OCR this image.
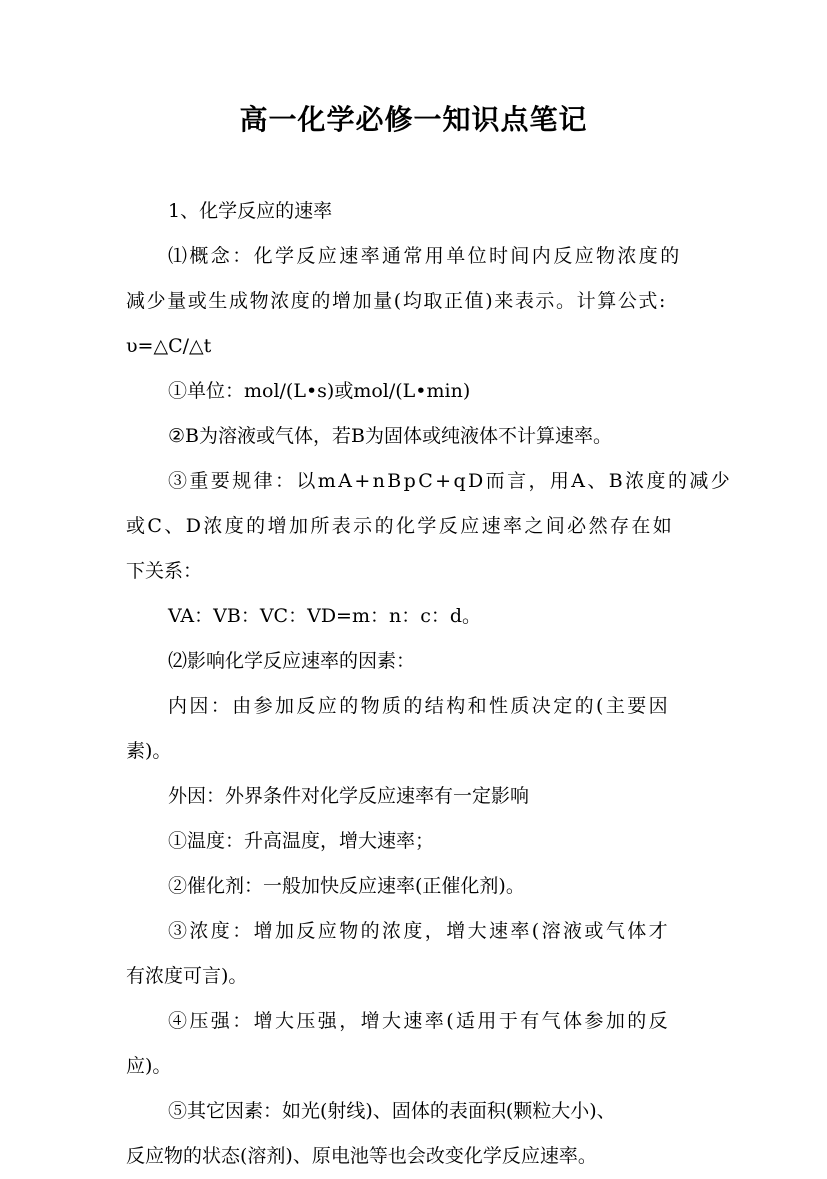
高一化学必修一知识点笔记
1、化学反应的速率
⑴概念：化学反应速率通常用单位时间内反应物浓度的
减少量或生成物浓度的增加量(均取正值)来表示。计算公式:
υ=△C/△t
①单位：mol/(L•s)或mol/(L•min)
②B为溶液或气体，若B为固体或纯液体不计算速率。
③重要规律：以mA+nBpC+qD而言，用A、B浓度的减少
或C、D浓度的增加所表示的化学反应速率之间必然存在如
下关系：
VA：VB：VC：VD=m：n：c：d。
⑵影响化学反应速率的因素：
内因：由参加反应的物质的结构和性质决定的(主要因
素)。
外因：外界条件对化学反应速率有一定影响
①温度：升高温度，增大速率；
②催化剂：一般加快反应速率(正催化剂)。
③浓度：增加反应物的浓度，增大速率(溶液或气体才
有浓度可言)。
④压强：增大压强，增大速率(适用于有气体参加的反
应)。
⑤其它因素：如光(射线)、固体的表面积(颗粒大小)、
反应物的状态(溶剂)、原电池等也会改变化学反应速率。
